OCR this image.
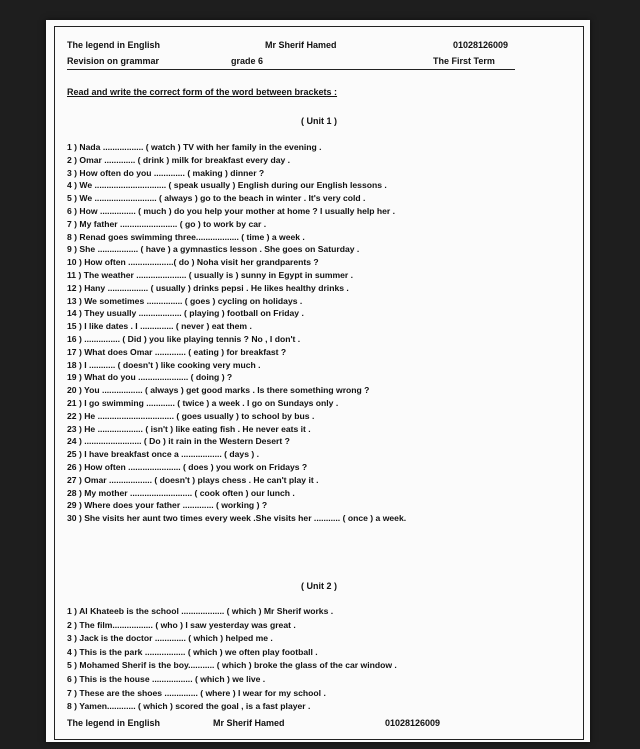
The legend in English
Revision on grammar
Mr Sherif Hamed
grade 6
01028126009
The First Term
Read and write the correct form of the word between brackets :
( Unit 1 )
1 ) Nada ................. ( watch ) TV with her family in the evening .
2 ) Omar ............. ( drink ) milk for breakfast every day .
3 ) How often do you ............. ( making ) dinner ?
4 ) We .............................. ( speak usually ) English during our English lessons .
5 ) We .......................... ( always ) go to the beach in winter . It's very cold .
6 ) How ............... ( much ) do you help your mother at home ? I usually help her .
7 ) My father ........................ ( go ) to work by car .
8 ) Renad goes swimming three.................. ( time ) a week .
9 ) She ................. ( have ) a gymnastics lesson . She goes on Saturday .
10 ) How often ...................( do ) Noha visit her grandparents ?
11 ) The weather ..................... ( usually is ) sunny in Egypt in summer .
12 ) Hany ................. ( usually ) drinks pepsi . He likes healthy drinks .
13 ) We sometimes ............... ( goes ) cycling on holidays .
14 ) They usually .................. ( playing ) football on Friday .
15 ) I like dates . I .............. ( never ) eat them .
16 ) ............... ( Did ) you like playing tennis ? No , I don't .
17 ) What does Omar ............. ( eating ) for breakfast ?
18 ) I ........... ( doesn't ) like cooking very much .
19 ) What do you ..................... ( doing ) ?
20 ) You ................. ( always ) get good marks . Is there something wrong ?
21 ) I go swimming ............ ( twice ) a week . I go on Sundays only .
22 ) He ................................ ( goes usually ) to school by bus .
23 ) He ................... ( isn't ) like eating fish . He never eats it .
24 ) ........................ ( Do ) it rain in the Western Desert ?
25 ) I have breakfast once a ................. ( days ) .
26 ) How often ...................... ( does ) you work on Fridays ?
27 ) Omar .................. ( doesn't ) plays chess . He can't play it .
28 ) My mother .......................... ( cook often ) our lunch .
29 ) Where does your father ............. ( working ) ?
30 ) She visits her aunt two times every week .She visits her ........... ( once ) a week.
( Unit 2 )
1 ) Al Khateeb is the school .................. ( which ) Mr Sherif works .
2 ) The film................. ( who ) I saw yesterday was great .
3 ) Jack is the doctor ............. ( which ) helped me .
4 ) This is the park ................. ( which ) we often play football .
5 ) Mohamed Sherif is the boy........... ( which ) broke the glass of the car window .
6 ) This is the house ................. ( which ) we live .
7 ) These are the shoes .............. ( where ) I wear for my school .
8 ) Yamen............ ( which ) scored the goal , is a fast player .
The legend in English	Mr Sherif Hamed	01028126009
